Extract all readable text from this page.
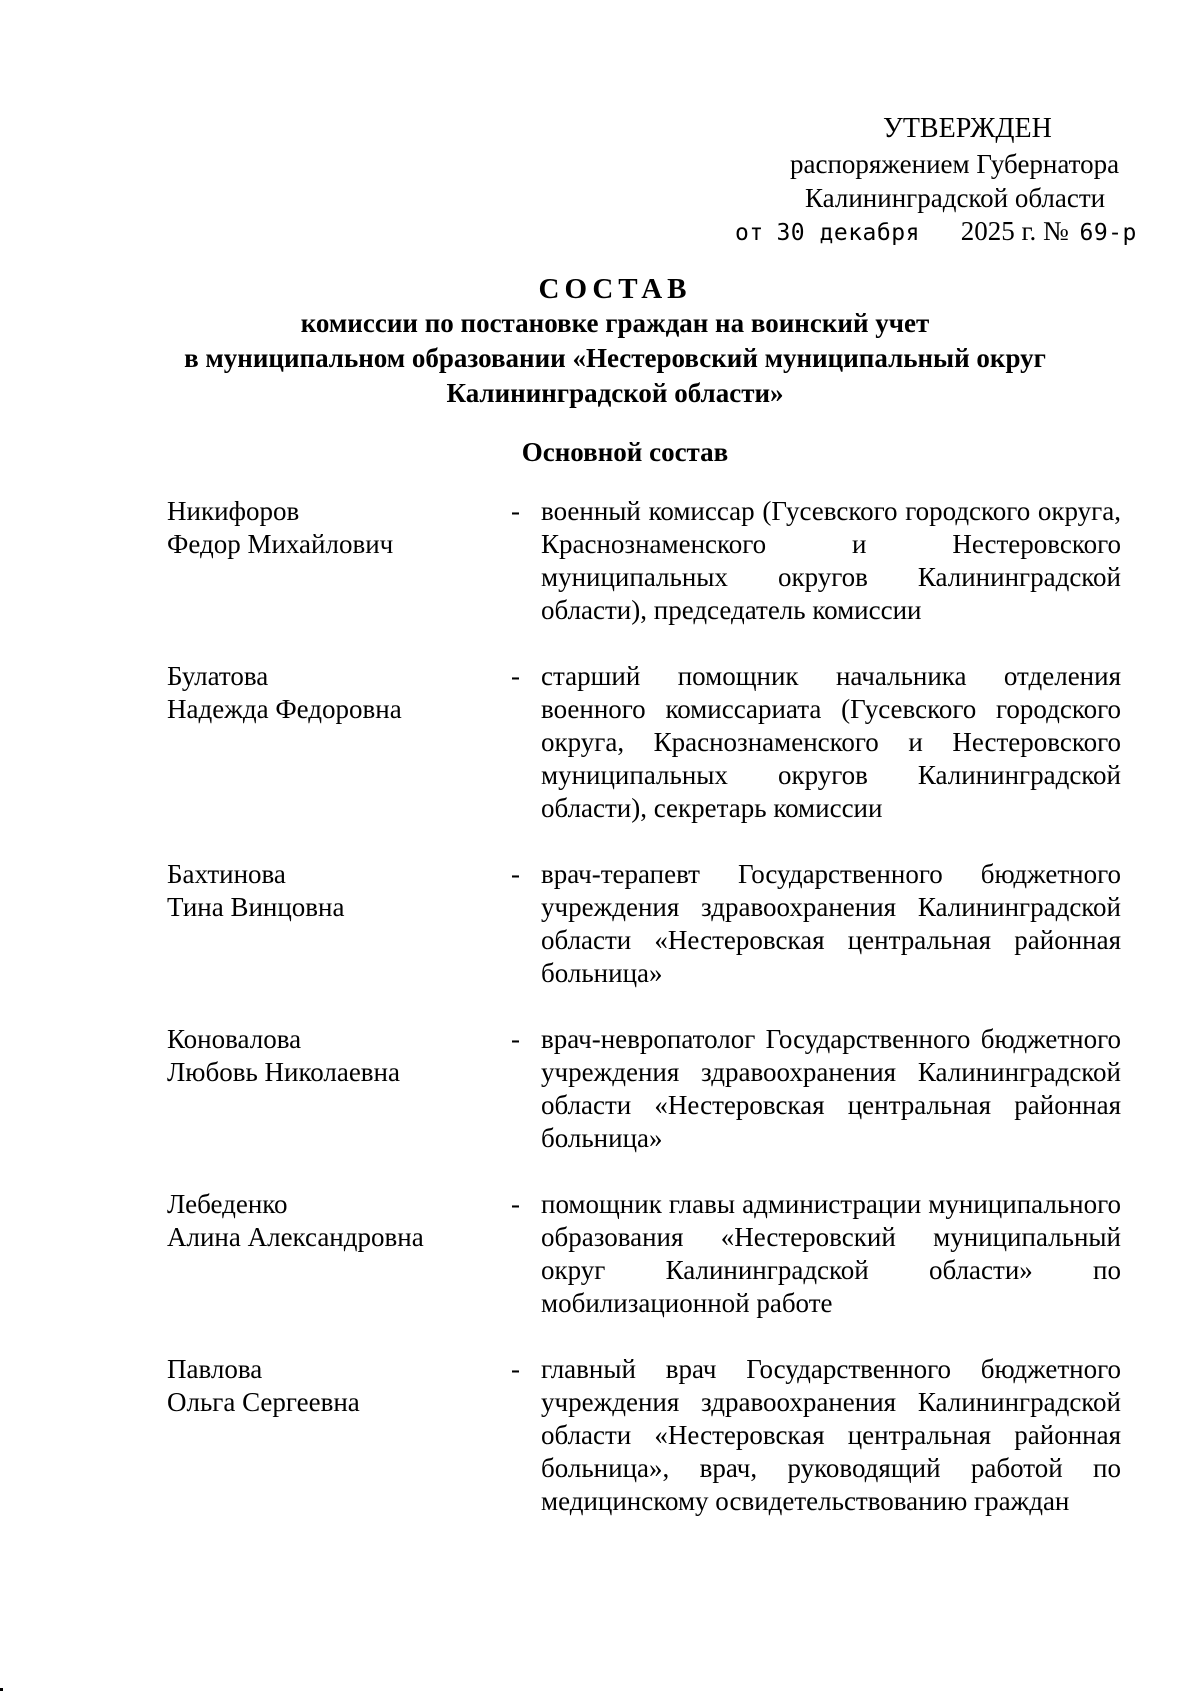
УТВЕРЖДЕН
распоряжением Губернатора
Калининградской области
от 30 декабря 2025 г. № 69-р
СОСТАВ
комиссии по постановке граждан на воинский учет
в муниципальном образовании «Нестеровский муниципальный округ
Калининградской области»
Основной состав
Никифоров
Федор Михайлович
- военный комиссар (Гусевского городского округа, Краснознаменского и Нестеровского муниципальных округов Калининградской области), председатель комиссии
Булатова
Надежда Федоровна
- старший помощник начальника отделения военного комиссариата (Гусевского городского округа, Краснознаменского и Нестеровского муниципальных округов Калининградской области), секретарь комиссии
Бахтинова
Тина Винцовна
- врач-терапевт Государственного бюджетного учреждения здравоохранения Калининградской области «Нестеровская центральная районная больница»
Коновалова
Любовь Николаевна
- врач-невропатолог Государственного бюджетного учреждения здравоохранения Калининградской области «Нестеровская центральная районная больница»
Лебеденко
Алина Александровна
- помощник главы администрации муниципального образования «Нестеровский муниципальный округ Калининградской области» по мобилизационной работе
Павлова
Ольга Сергеевна
- главный врач Государственного бюджетного учреждения здравоохранения Калининградской области «Нестеровская центральная районная больница», врач, руководящий работой по медицинскому освидетельствованию граждан
